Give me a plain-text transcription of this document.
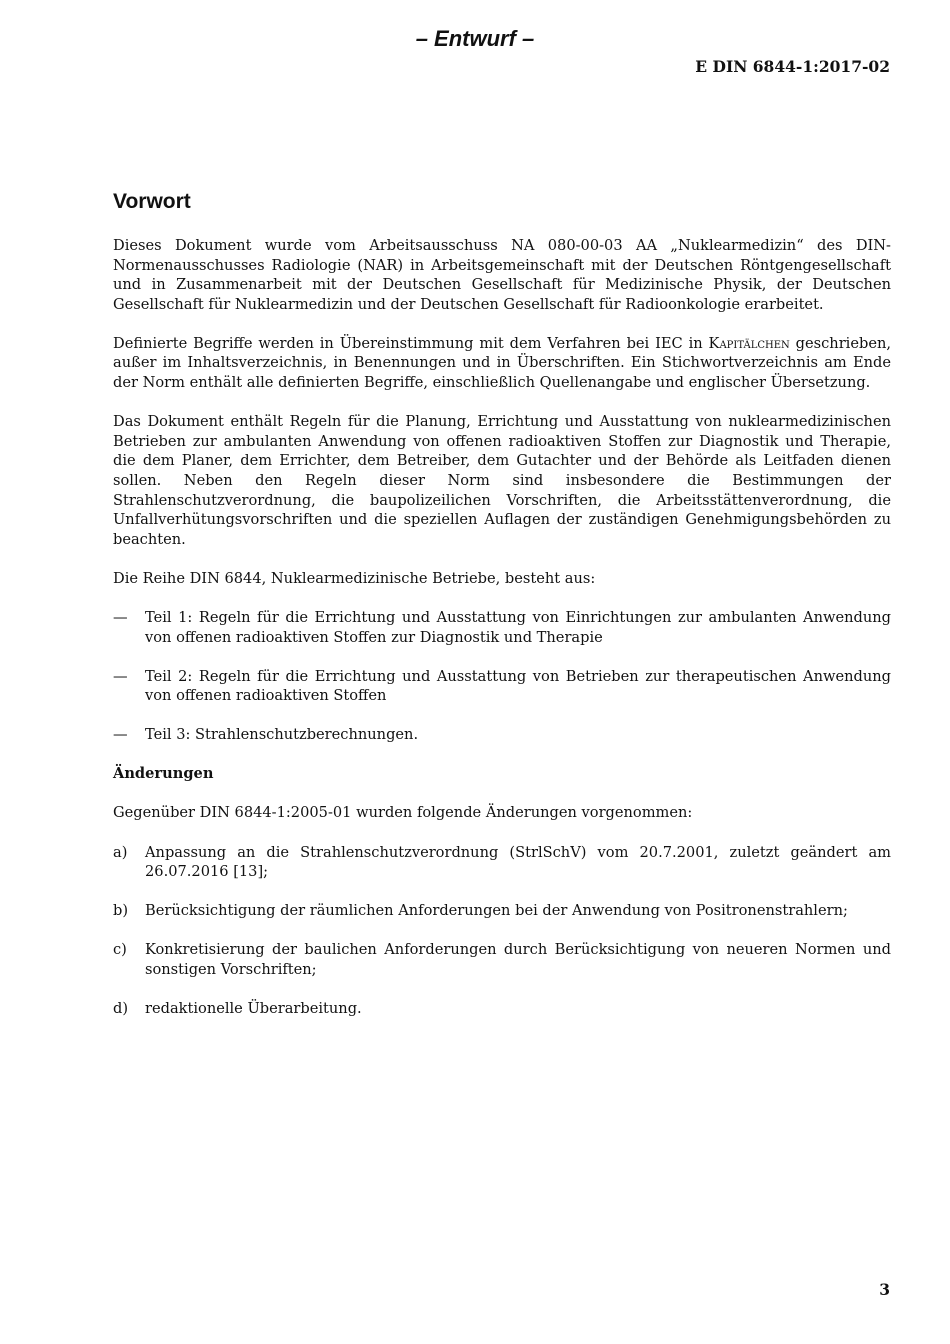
– Entwurf –
E DIN 6844-1:2017-02
Vorwort

Dieses Dokument wurde vom Arbeitsausschuss NA 080-00-03 AA „Nuklearmedizin“ des DIN-Normenausschusses Radiologie (NAR) in Arbeitsgemeinschaft mit der Deutschen Röntgengesellschaft und in Zusammenarbeit mit der Deutschen Gesellschaft für Medizinische Physik, der Deutschen Gesellschaft für Nuklearmedizin und der Deutschen Gesellschaft für Radioonkologie erarbeitet.

Definierte Begriffe werden in Übereinstimmung mit dem Verfahren bei IEC in Kapitälchen geschrieben, außer im Inhaltsverzeichnis, in Benennungen und in Überschriften. Ein Stichwortverzeichnis am Ende der Norm enthält alle definierten Begriffe, einschließlich Quellenangabe und englischer Übersetzung.

Das Dokument enthält Regeln für die Planung, Errichtung und Ausstattung von nuklearmedizinischen Betrieben zur ambulanten Anwendung von offenen radioaktiven Stoffen zur Diagnostik und Therapie, die dem Planer, dem Errichter, dem Betreiber, dem Gutachter und der Behörde als Leitfaden dienen sollen. Neben den Regeln dieser Norm sind insbesondere die Bestimmungen der Strahlenschutzverordnung, die baupolizeilichen Vorschriften, die Arbeitsstättenverordnung, die Unfallverhütungsvorschriften und die speziellen Auflagen der zuständigen Genehmigungsbehörden zu beachten.

Die Reihe DIN 6844, Nuklearmedizinische Betriebe, besteht aus:

—	Teil 1: Regeln für die Errichtung und Ausstattung von Einrichtungen zur ambulanten Anwendung von offenen radioaktiven Stoffen zur Diagnostik und Therapie
—	Teil 2: Regeln für die Errichtung und Ausstattung von Betrieben zur therapeutischen Anwendung von offenen radioaktiven Stoffen
—	Teil 3: Strahlenschutzberechnungen.
Änderungen

Gegenüber DIN 6844-1:2005-01 wurden folgende Änderungen vorgenommen:

a)	Anpassung an die Strahlenschutzverordnung (StrlSchV) vom 20.7.2001, zuletzt geändert am 26.07.2016 [13];
b)	Berücksichtigung der räumlichen Anforderungen bei der Anwendung von Positronenstrahlern;
c)	Konkretisierung der baulichen Anforderungen durch Berücksichtigung von neueren Normen und sonstigen Vorschriften;
d)	redaktionelle Überarbeitung.
3
